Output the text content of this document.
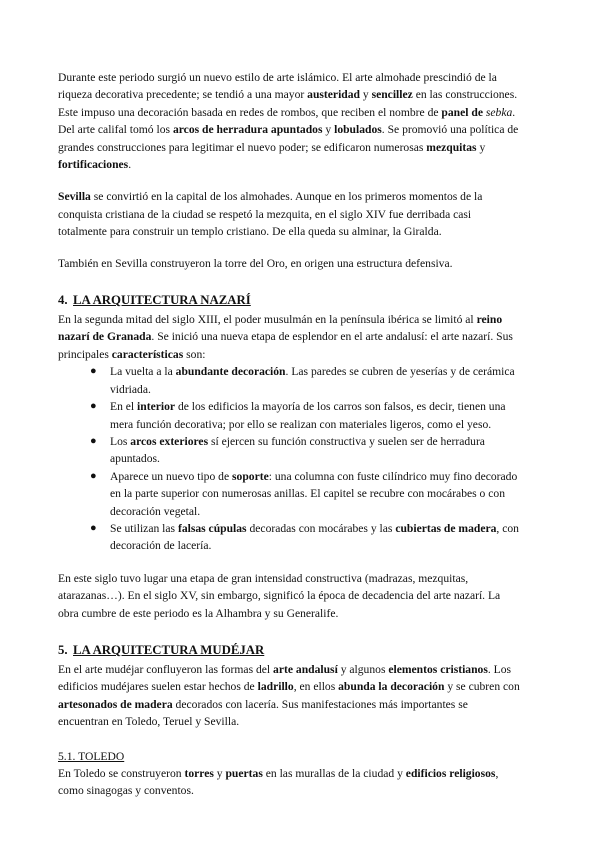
Durante este periodo surgió un nuevo estilo de arte islámico. El arte almohade prescindió de la riqueza decorativa precedente; se tendió a una mayor austeridad y sencillez en las construcciones. Este impuso una decoración basada en redes de rombos, que reciben el nombre de panel de sebka. Del arte califal tomó los arcos de herradura apuntados y lobulados. Se promovió una política de grandes construcciones para legitimar el nuevo poder; se edificaron numerosas mezquitas y fortificaciones.

Sevilla se convirtió en la capital de los almohades. Aunque en los primeros momentos de la conquista cristiana de la ciudad se respetó la mezquita, en el siglo XIV fue derribada casi totalmente para construir un templo cristiano. De ella queda su alminar, la Giralda.

También en Sevilla construyeron la torre del Oro, en origen una estructura defensiva.

4. LA ARQUITECTURA NAZARÍ

En la segunda mitad del siglo XIII, el poder musulmán en la península ibérica se limitó al reino nazarí de Granada. Se inició una nueva etapa de esplendor en el arte andalusí: el arte nazarí. Sus principales características son:

● La vuelta a la abundante decoración. Las paredes se cubren de yeserías y de cerámica vidriada.
● En el interior de los edificios la mayoría de los carros son falsos, es decir, tienen una mera función decorativa; por ello se realizan con materiales ligeros, como el yeso.
● Los arcos exteriores sí ejercen su función constructiva y suelen ser de herradura apuntados.
● Aparece un nuevo tipo de soporte: una columna con fuste cilíndrico muy fino decorado en la parte superior con numerosas anillas. El capitel se recubre con mocárabes o con decoración vegetal.
● Se utilizan las falsas cúpulas decoradas con mocárabes y las cubiertas de madera, con decoración de lacería.

En este siglo tuvo lugar una etapa de gran intensidad constructiva (madrazas, mezquitas, atarazanas…). En el siglo XV, sin embargo, significó la época de decadencia del arte nazarí. La obra cumbre de este periodo es la Alhambra y su Generalife.

5. LA ARQUITECTURA MUDÉJAR

En el arte mudéjar confluyeron las formas del arte andalusí y algunos elementos cristianos. Los edificios mudéjares suelen estar hechos de ladrillo, en ellos abunda la decoración y se cubren con artesonados de madera decorados con lacería. Sus manifestaciones más importantes se encuentran en Toledo, Teruel y Sevilla.

5.1. TOLEDO

En Toledo se construyeron torres y puertas en las murallas de la ciudad y edificios religiosos, como sinagogas y conventos.
